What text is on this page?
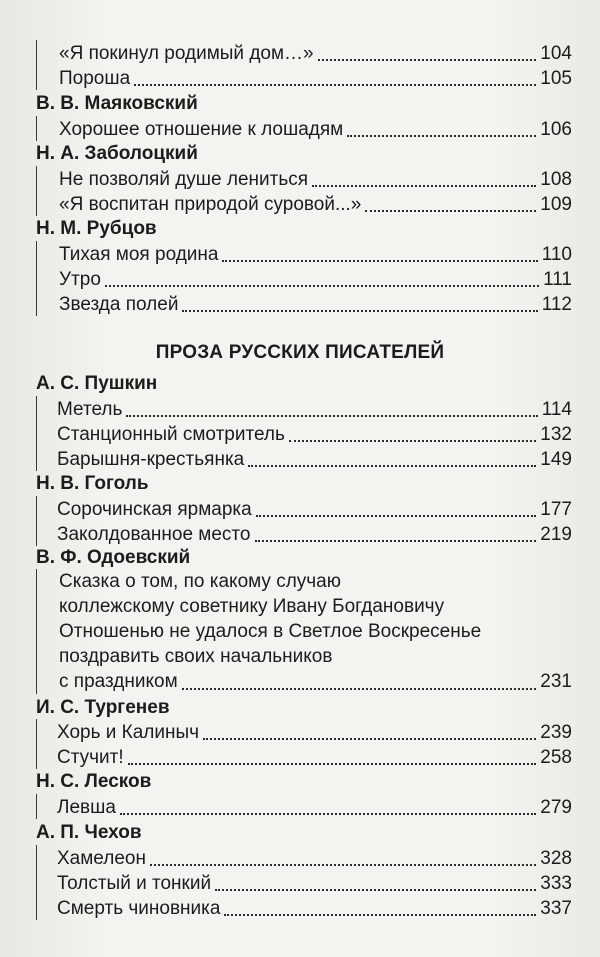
«Я покинул родимый дом…»	104
Пороша	105
В. В. Маяковский
Хорошее отношение к лошадям	106
Н. А. Заболоцкий
Не позволяй душе лениться	108
«Я воспитан природой суровой...»	109
Н. М. Рубцов
Тихая моя родина	110
Утро	111
Звезда полей	112
ПРОЗА РУССКИХ ПИСАТЕЛЕЙ
А. С. Пушкин
Метель	114
Станционный смотритель	132
Барышня-крестьянка	149
Н. В. Гоголь
Сорочинская ярмарка	177
Заколдованное место	219
В. Ф. Одоевский
Сказка о том, по какому случаю
коллежскому советнику Ивану Богдановичу
Отношенью не удалося в Светлое Воскресенье
поздравить своих начальников
с праздником	231
И. С. Тургенев
Хорь и Калиныч	239
Стучит!	258
Н. С. Лесков
Левша	279
А. П. Чехов
Хамелеон	328
Толстый и тонкий	333
Смерть чиновника	337
